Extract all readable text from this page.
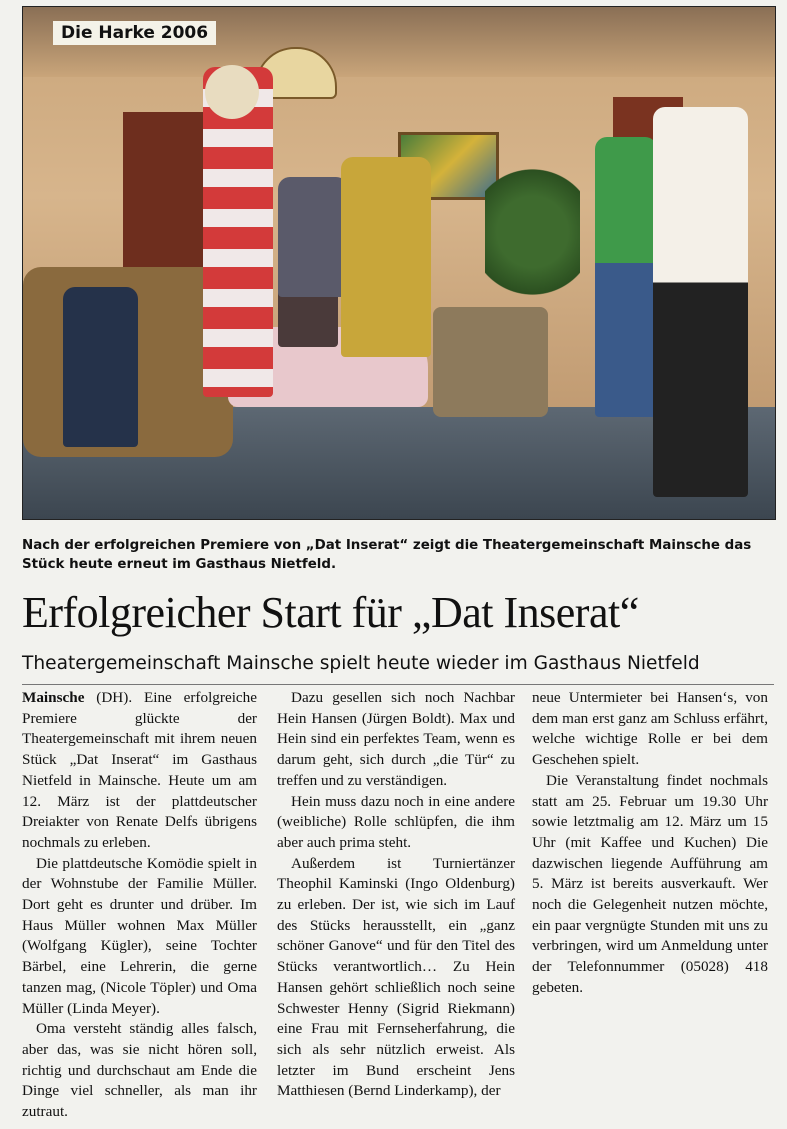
Die Harke 2006
Nach der erfolgreichen Premiere von „Dat Inserat“ zeigt die Theatergemeinschaft Mainsche das Stück heute erneut im Gasthaus Nietfeld.
Erfolgreicher Start für „Dat Inserat“
Theatergemeinschaft Mainsche spielt heute wieder im Gasthaus Nietfeld

Mainsche (DH). Eine erfolgreiche Premiere glückte der Theatergemeinschaft mit ihrem neuen Stück „Dat Inserat“ im Gasthaus Nietfeld in Mainsche. Heute um am 12. März ist der plattdeutscher Dreiakter von Renate Delfs übrigens nochmals zu erleben.

Die plattdeutsche Komödie spielt in der Wohnstube der Familie Müller. Dort geht es drunter und drüber. Im Haus Müller wohnen Max Müller (Wolfgang Kügler), seine Tochter Bärbel, eine Lehrerin, die gerne tanzen mag, (Nicole Töpler) und Oma Müller (Linda Meyer).

Oma versteht ständig alles falsch, aber das, was sie nicht hören soll, richtig und durchschaut am Ende die Dinge viel schneller, als man ihr zutraut.

Dazu gesellen sich noch Nachbar Hein Hansen (Jürgen Boldt). Max und Hein sind ein perfektes Team, wenn es darum geht, sich durch „die Tür“ zu treffen und zu verständigen.

Hein muss dazu noch in eine andere (weibliche) Rolle schlüpfen, die ihm aber auch prima steht.

Außerdem ist Turniertänzer Theophil Kaminski (Ingo Oldenburg) zu erleben. Der ist, wie sich im Lauf des Stücks herausstellt, ein „ganz schöner Ganove“ und für den Titel des Stücks verantwortlich… Zu Hein Hansen gehört schließlich noch seine Schwester Henny (Sigrid Riekmann) eine Frau mit Fernseherfahrung, die sich als sehr nützlich erweist. Als letzter im Bund erscheint Jens Matthiesen (Bernd Linderkamp), der

neue Untermieter bei Hansen‘s, von dem man erst ganz am Schluss erfährt, welche wichtige Rolle er bei dem Geschehen spielt.

Die Veranstaltung findet nochmals statt am 25. Februar um 19.30 Uhr sowie letztmalig am 12. März um 15 Uhr (mit Kaffee und Kuchen) Die dazwischen liegende Aufführung am 5. März ist bereits ausverkauft. Wer noch die Gelegenheit nutzen möchte, ein paar vergnügte Stunden mit uns zu verbringen, wird um Anmeldung unter der Telefonnummer (05028) 418 gebeten.
